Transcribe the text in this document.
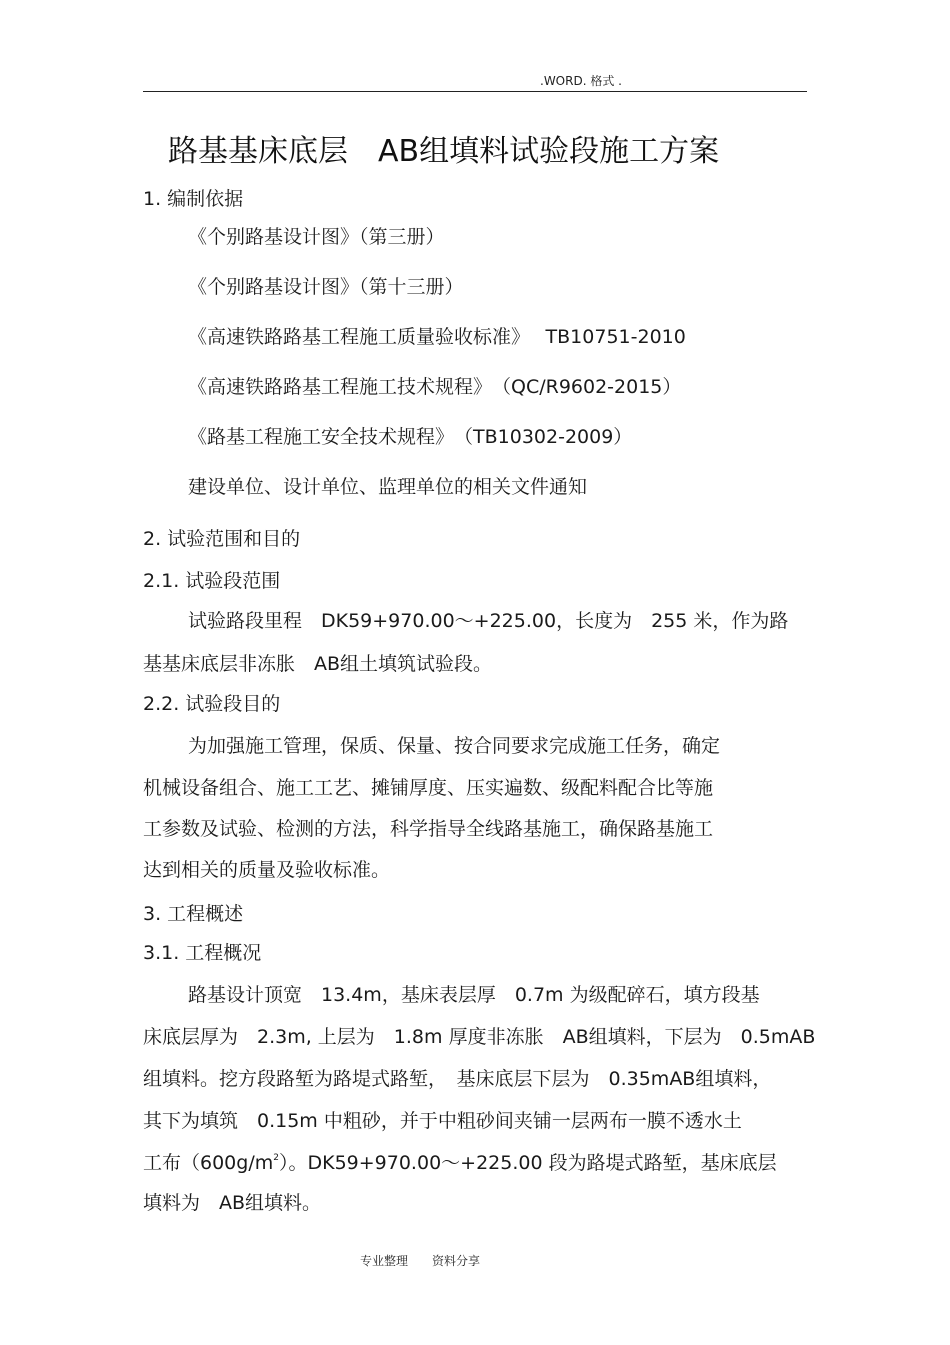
.WORD. 格式 .
路基基床底层　AB组填料试验段施工方案
1. 编制依据
《个别路基设计图》（第三册）
《个别路基设计图》（第十三册）
《高速铁路路基工程施工质量验收标准》　 TB10751-2010
《高速铁路路基工程施工技术规程》　（QC/R9602-2015）
《路基工程施工安全技术规程》　（TB10302-2009）
建设单位、设计单位、监理单位的相关文件通知
2. 试验范围和目的
2.1. 试验段范围
试验路段里程　DK59+970.00～+225.00，长度为　255 米，作为路
基基床底层非冻胀　AB组土填筑试验段。
2.2. 试验段目的
为加强施工管理，保质、保量、按合同要求完成施工任务，确定
机械设备组合、施工工艺、摊铺厚度、压实遍数、级配料配合比等施
工参数及试验、检测的方法，科学指导全线路基施工，确保路基施工
达到相关的质量及验收标准。
3. 工程概述
3.1. 工程概况
路基设计顶宽　13.4m，基床表层厚　0.7m 为级配碎石，填方段基
床底层厚为　2.3m, 上层为　1.8m 厚度非冻胀　AB组填料，下层为　0.5mAB
组填料。挖方段路堑为路堤式路堑，　基床底层下层为　0.35mAB组填料，
其下为填筑　0.15m 中粗砂，并于中粗砂间夹铺一层两布一膜不透水土
工布$(600g/m^2)$。DK59+970.00～+225.00 段为路堤式路堑，基床底层
填料为　AB组填料。
专业整理　　资料分享
